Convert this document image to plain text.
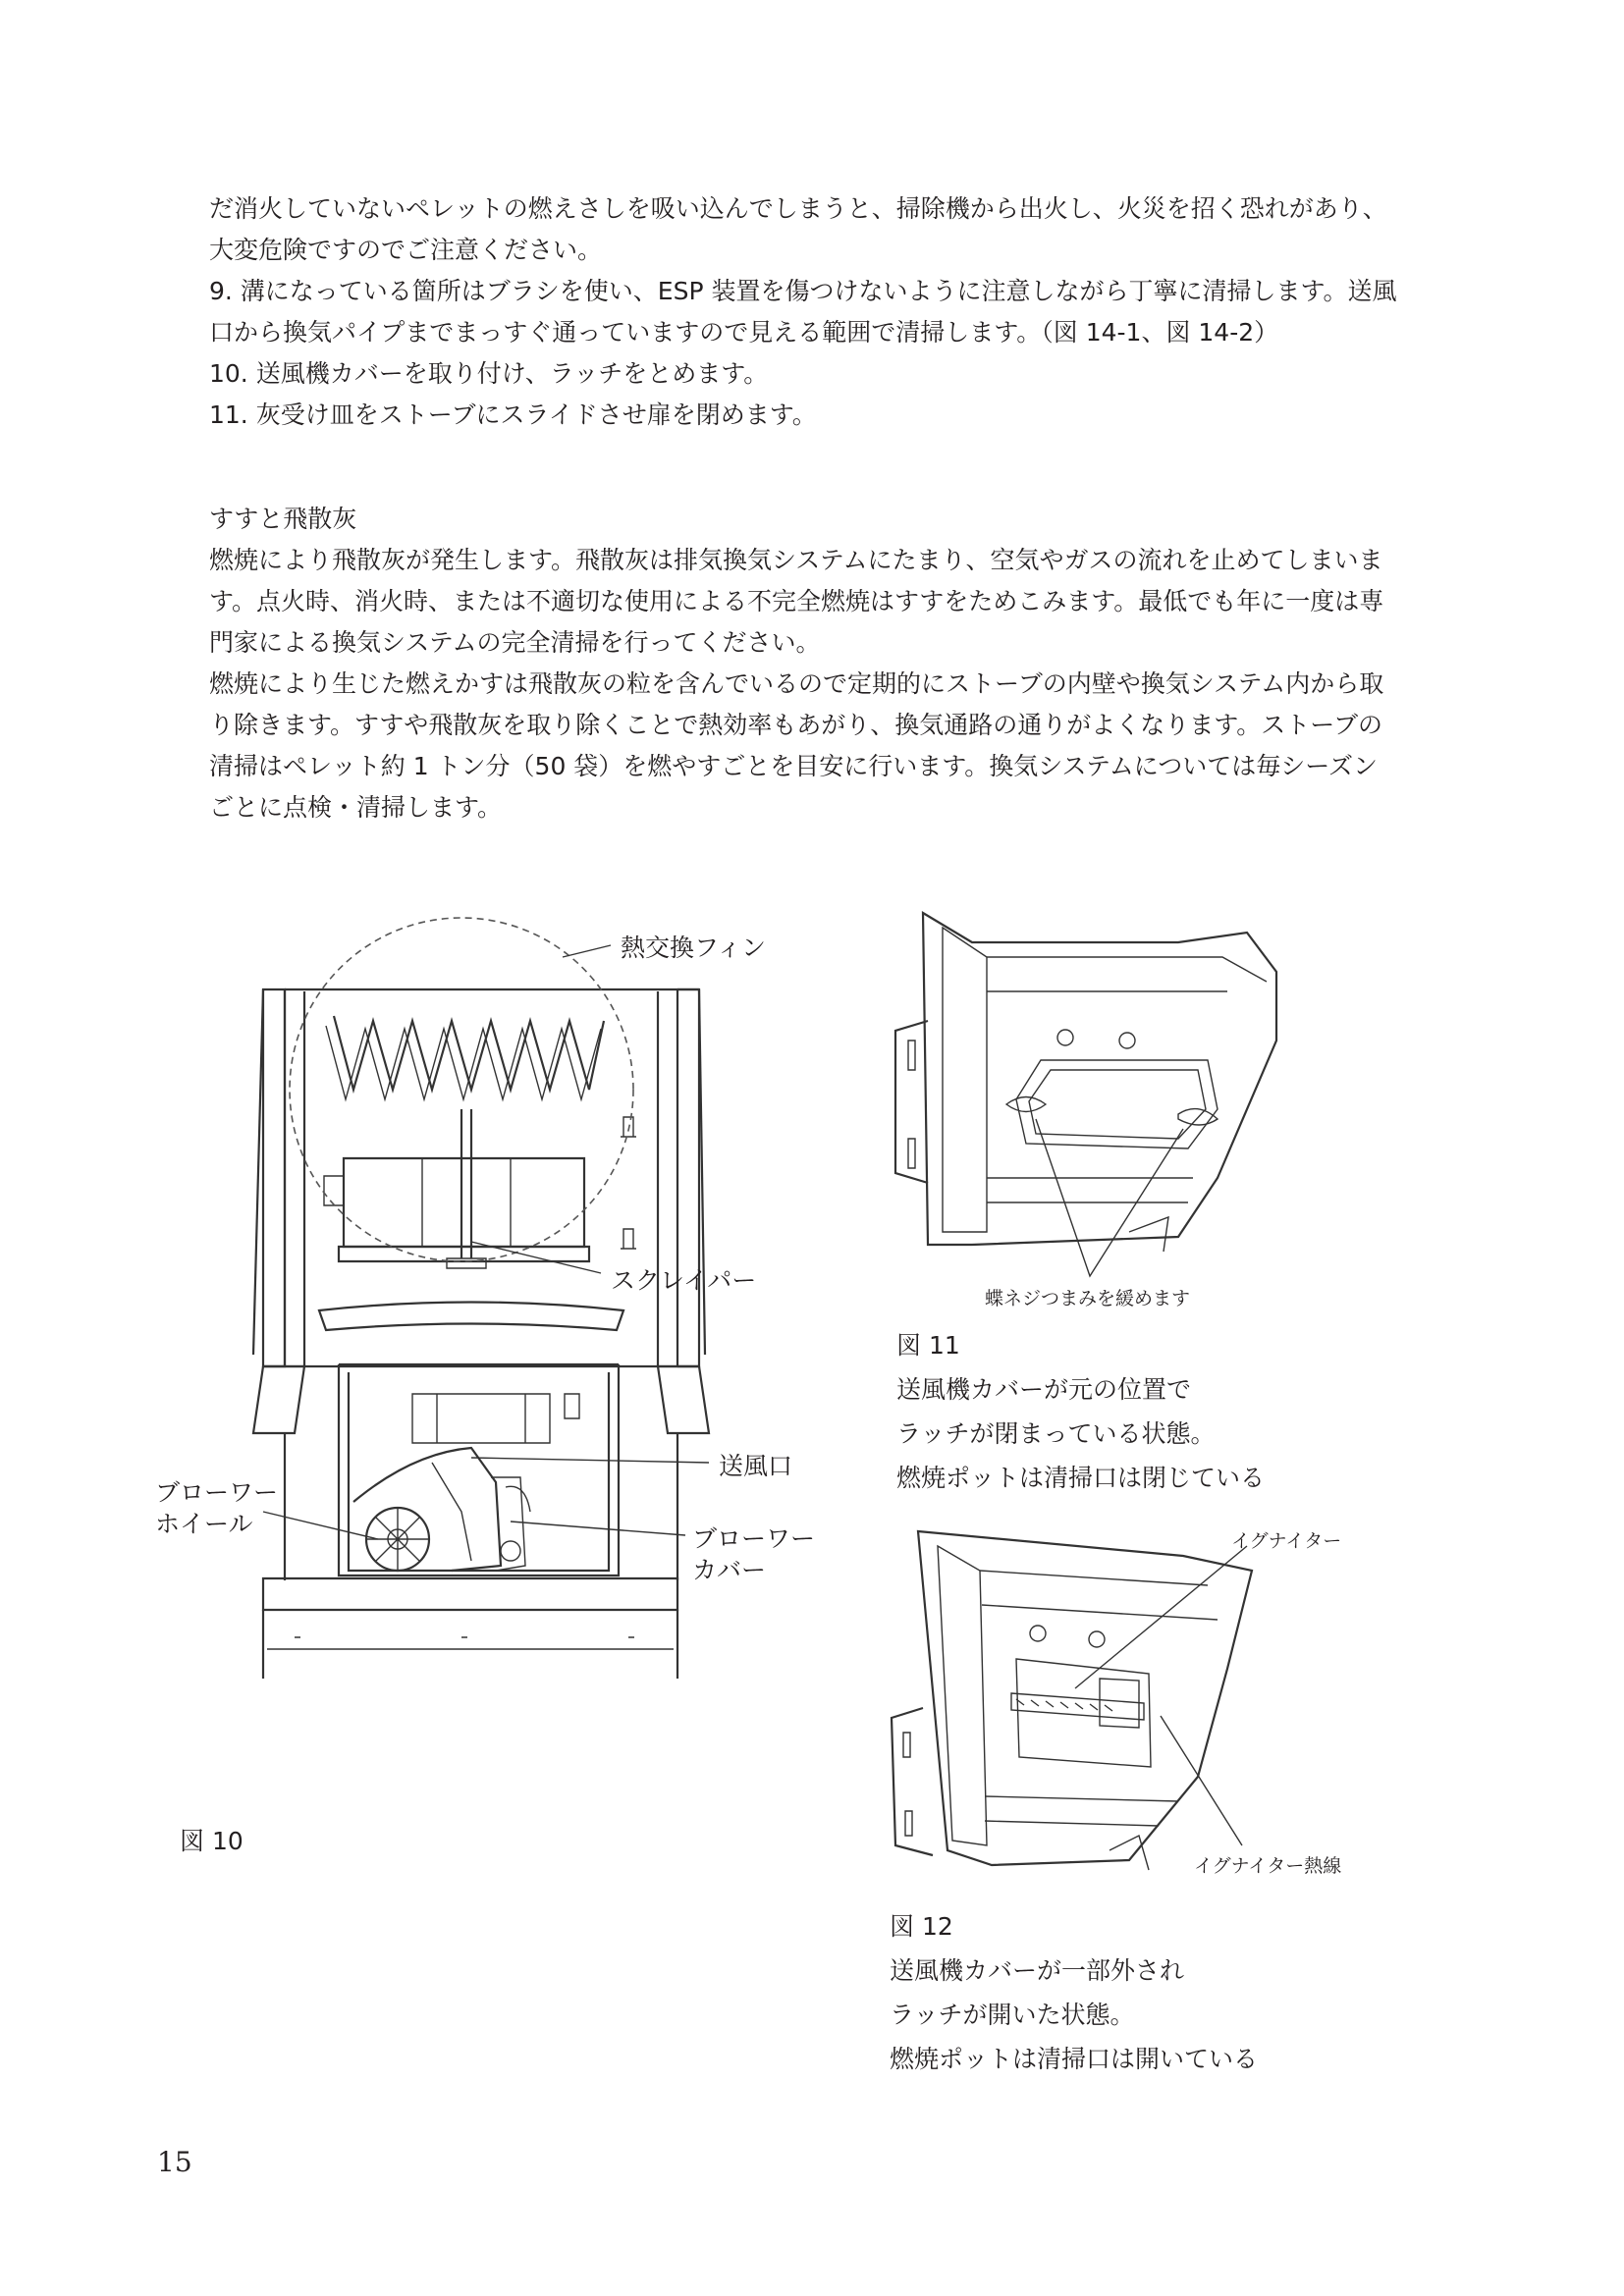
だ消火していないペレットの燃えさしを吸い込んでしまうと、掃除機から出火し、火災を招く恐れがあり、
大変危険ですのでご注意ください。
9. 溝になっている箇所はブラシを使い、ESP 装置を傷つけないように注意しながら丁寧に清掃します。送風
口から換気パイプまでまっすぐ通っていますので見える範囲で清掃します。（図 14-1、図 14-2）
10. 送風機カバーを取り付け、ラッチをとめます。
11. 灰受け皿をストーブにスライドさせ扉を閉めます。

すすと飛散灰
燃焼により飛散灰が発生します。飛散灰は排気換気システムにたまり、空気やガスの流れを止めてしまいま
す。点火時、消火時、または不適切な使用による不完全燃焼はすすをためこみます。最低でも年に一度は専
門家による換気システムの完全清掃を行ってください。
燃焼により生じた燃えかすは飛散灰の粒を含んでいるので定期的にストーブの内壁や換気システム内から取
り除きます。すすや飛散灰を取り除くことで熱効率もあがり、換気通路の通りがよくなります。ストーブの
清掃はペレット約 1 トン分（50 袋）を燃やすごとを目安に行います。換気システムについては毎シーズン
ごとに点検・清掃します。

熱交換フィン

スクレイパー

送風口

ブローワー
ホイール

ブローワー
カバー

図 10

蝶ネジつまみを緩めます

図 11
送風機カバーが元の位置で
ラッチが閉まっている状態。
燃焼ポットは清掃口は閉じている

イグナイター

イグナイター熱線

図 12
送風機カバーが一部外され
ラッチが開いた状態。
燃焼ポットは清掃口は開いている

15
